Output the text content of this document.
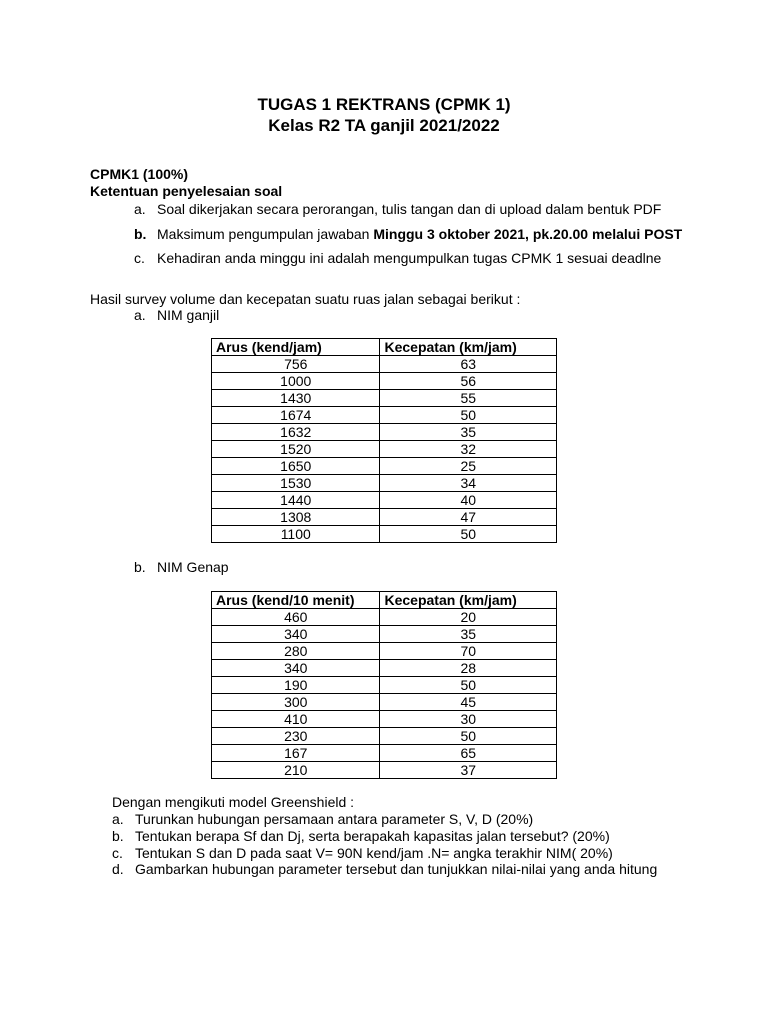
TUGAS 1 REKTRANS (CPMK 1)
Kelas R2 TA ganjil 2021/2022
CPMK1 (100%)
Ketentuan penyelesaian soal
a. Soal dikerjakan secara perorangan, tulis tangan dan di upload dalam bentuk PDF
b. Maksimum pengumpulan jawaban Minggu 3 oktober 2021, pk.20.00 melalui POST
c. Kehadiran anda minggu ini adalah mengumpulkan tugas CPMK 1 sesuai deadlne
Hasil survey volume dan kecepatan suatu ruas jalan sebagai berikut :
a. NIM ganjil
Arus (kend/jam)	Kecepatan (km/jam)
756	63
1000	56
1430	55
1674	50
1632	35
1520	32
1650	25
1530	34
1440	40
1308	47
1100	50
b. NIM Genap
Arus (kend/10 menit)	Kecepatan (km/jam)
460	20
340	35
280	70
340	28
190	50
300	45
410	30
230	50
167	65
210	37
Dengan mengikuti model Greenshield :
a. Turunkan hubungan persamaan antara parameter S, V, D (20%)
b. Tentukan berapa Sf dan Dj, serta berapakah kapasitas jalan tersebut? (20%)
c. Tentukan S dan D pada saat V= 90N kend/jam .N= angka terakhir NIM( 20%)
d. Gambarkan hubungan parameter tersebut dan tunjukkan nilai-nilai yang anda hitung
